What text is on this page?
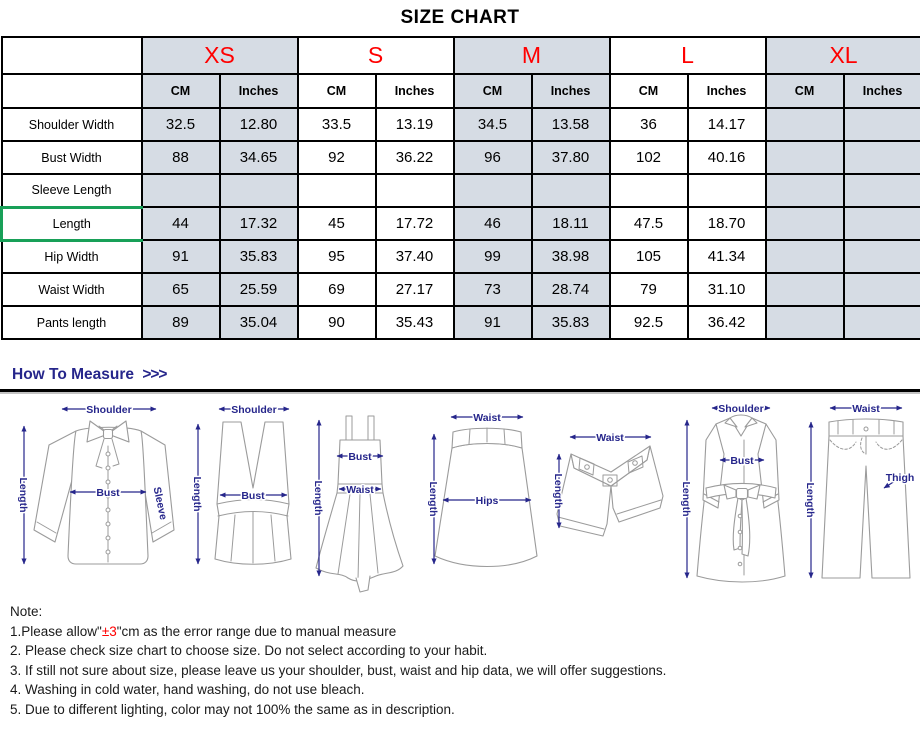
SIZE CHART
	XS		S		M		L		XL	
	CM	Inches	CM	Inches	CM	Inches	CM	Inches	CM	Inches
Shoulder Width	32.5	12.80	33.5	13.19	34.5	13.58	36	14.17		
Bust Width	88	34.65	92	36.22	96	37.80	102	40.16		
Sleeve Length										
Length	44	17.32	45	17.72	46	18.11	47.5	18.70		
Hip Width	91	35.83	95	37.40	99	38.98	105	41.34		
Waist Width	65	25.59	69	27.17	73	28.74	79	31.10		
Pants length	89	35.04	90	35.43	91	35.83	92.5	36.42		
How To Measure >>>
Shoulder
Length	Bust	Sleeve
Shoulder
Length	Bust	Length
Bust
Waist
Waist
Length	Hips
Waist
Length
Shoulder
Length
Bust
Waist
Length
Thigh
Note:
1.Please allow"±3"cm as the error range due to manual measure
2. Please check size chart to choose size. Do not select according to your habit.
3. If still not sure about size, please leave us your shoulder, bust, waist and hip data, we will offer suggestions.
4. Washing in cold water, hand washing, do not use bleach.
5. Due to different lighting, color may not 100% the same as in description.
